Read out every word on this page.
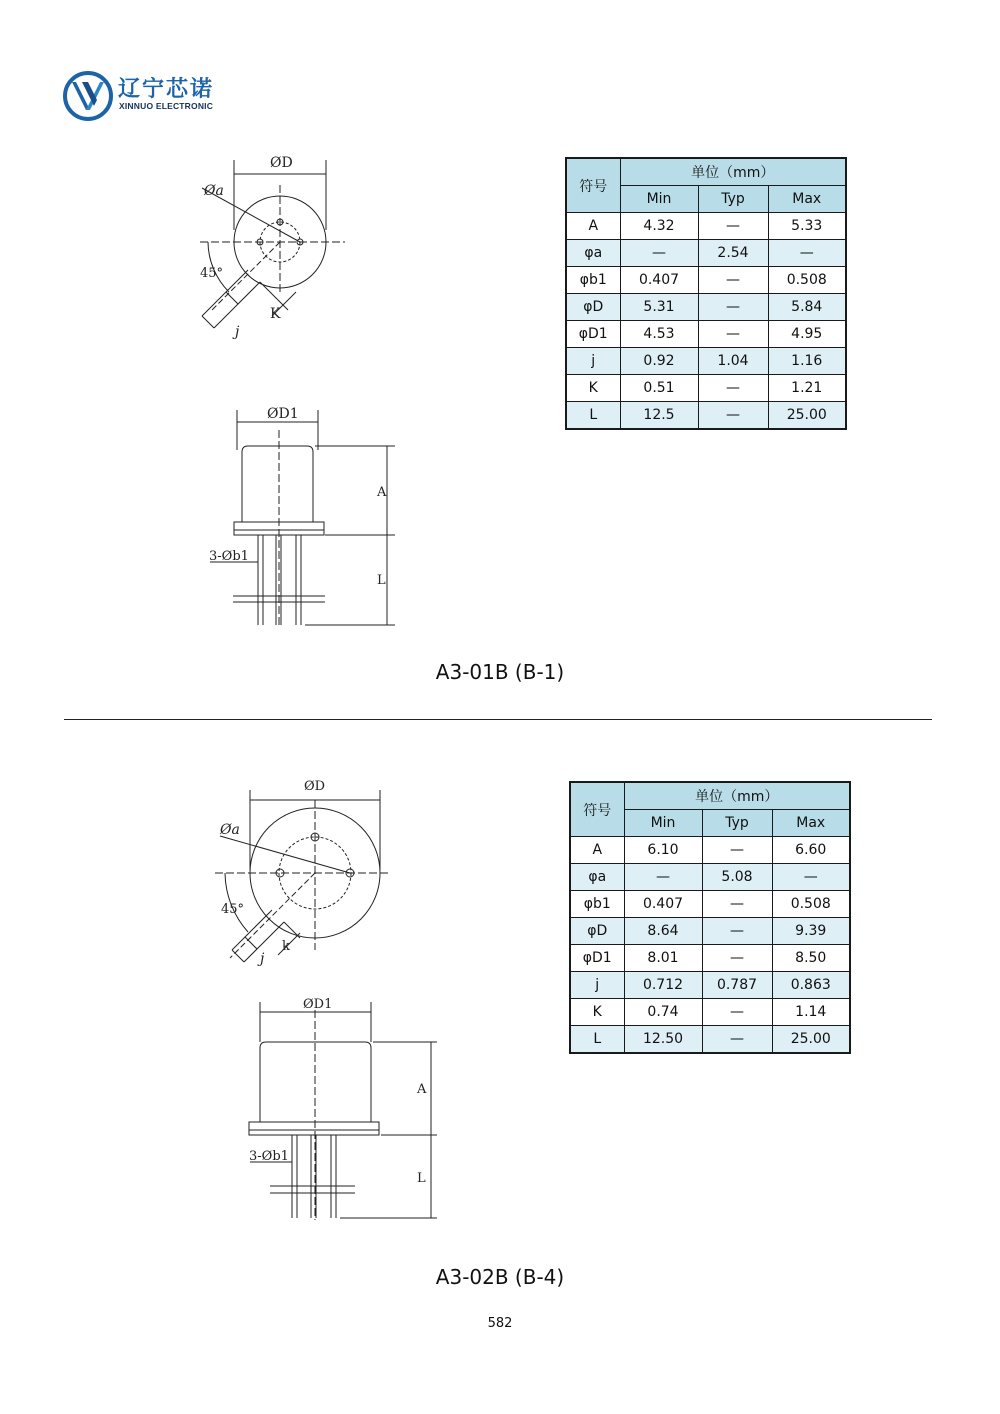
辽宁芯诺
XINNUO ELECTRONIC
ØD
Øa
45°
j
K
ØD1
A
3-Øb1
L
符号	单位（mm）		
	Min	Typ	Max
A	4.32	—	5.33
φa	—	2.54	—
φb1	0.407	—	0.508
φD	5.31	—	5.84
φD1	4.53	—	4.95
j	0.92	1.04	1.16
K	0.51	—	1.21
L	12.5	—	25.00
A3-01B (B-1)
ØD
Øa
45°
j
k
ØD1
A
3-Øb1
L
符号	单位（mm）		
	Min	Typ	Max
A	6.10	—	6.60
φa	—	5.08	—
φb1	0.407	—	0.508
φD	8.64	—	9.39
φD1	8.01	—	8.50
j	0.712	0.787	0.863
K	0.74	—	1.14
L	12.50	—	25.00
A3-02B (B-4)
582
